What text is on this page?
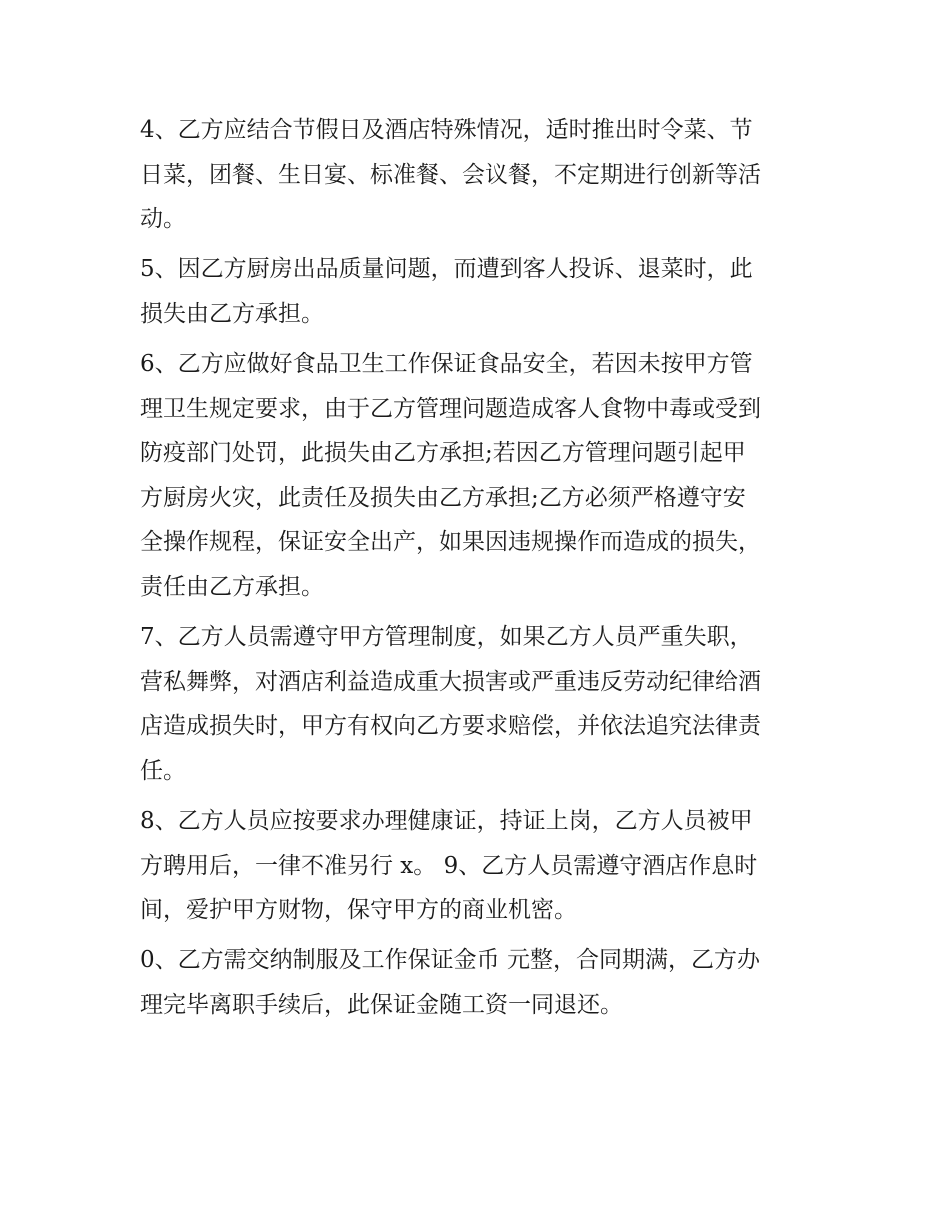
4、乙方应结合节假日及酒店特殊情况，适时推出时令菜、节
日菜，团餐、生日宴、标准餐、会议餐，不定期进行创新等活
动。

5、因乙方厨房出品质量问题，而遭到客人投诉、退菜时，此
损失由乙方承担。

6、乙方应做好食品卫生工作保证食品安全，若因未按甲方管
理卫生规定要求，由于乙方管理问题造成客人食物中毒或受到
防疫部门处罚，此损失由乙方承担;若因乙方管理问题引起甲
方厨房火灾，此责任及损失由乙方承担;乙方必须严格遵守安
全操作规程，保证安全出产，如果因违规操作而造成的损失，
责任由乙方承担。

7、乙方人员需遵守甲方管理制度，如果乙方人员严重失职，
营私舞弊，对酒店利益造成重大损害或严重违反劳动纪律给酒
店造成损失时，甲方有权向乙方要求赔偿，并依法追究法律责
任。

8、乙方人员应按要求办理健康证，持证上岗，乙方人员被甲
方聘用后，一律不准另行 x。 9、乙方人员需遵守酒店作息时
间，爱护甲方财物，保守甲方的商业机密。

0、乙方需交纳制服及工作保证金币 元整，合同期满，乙方办
理完毕离职手续后，此保证金随工资一同退还。
